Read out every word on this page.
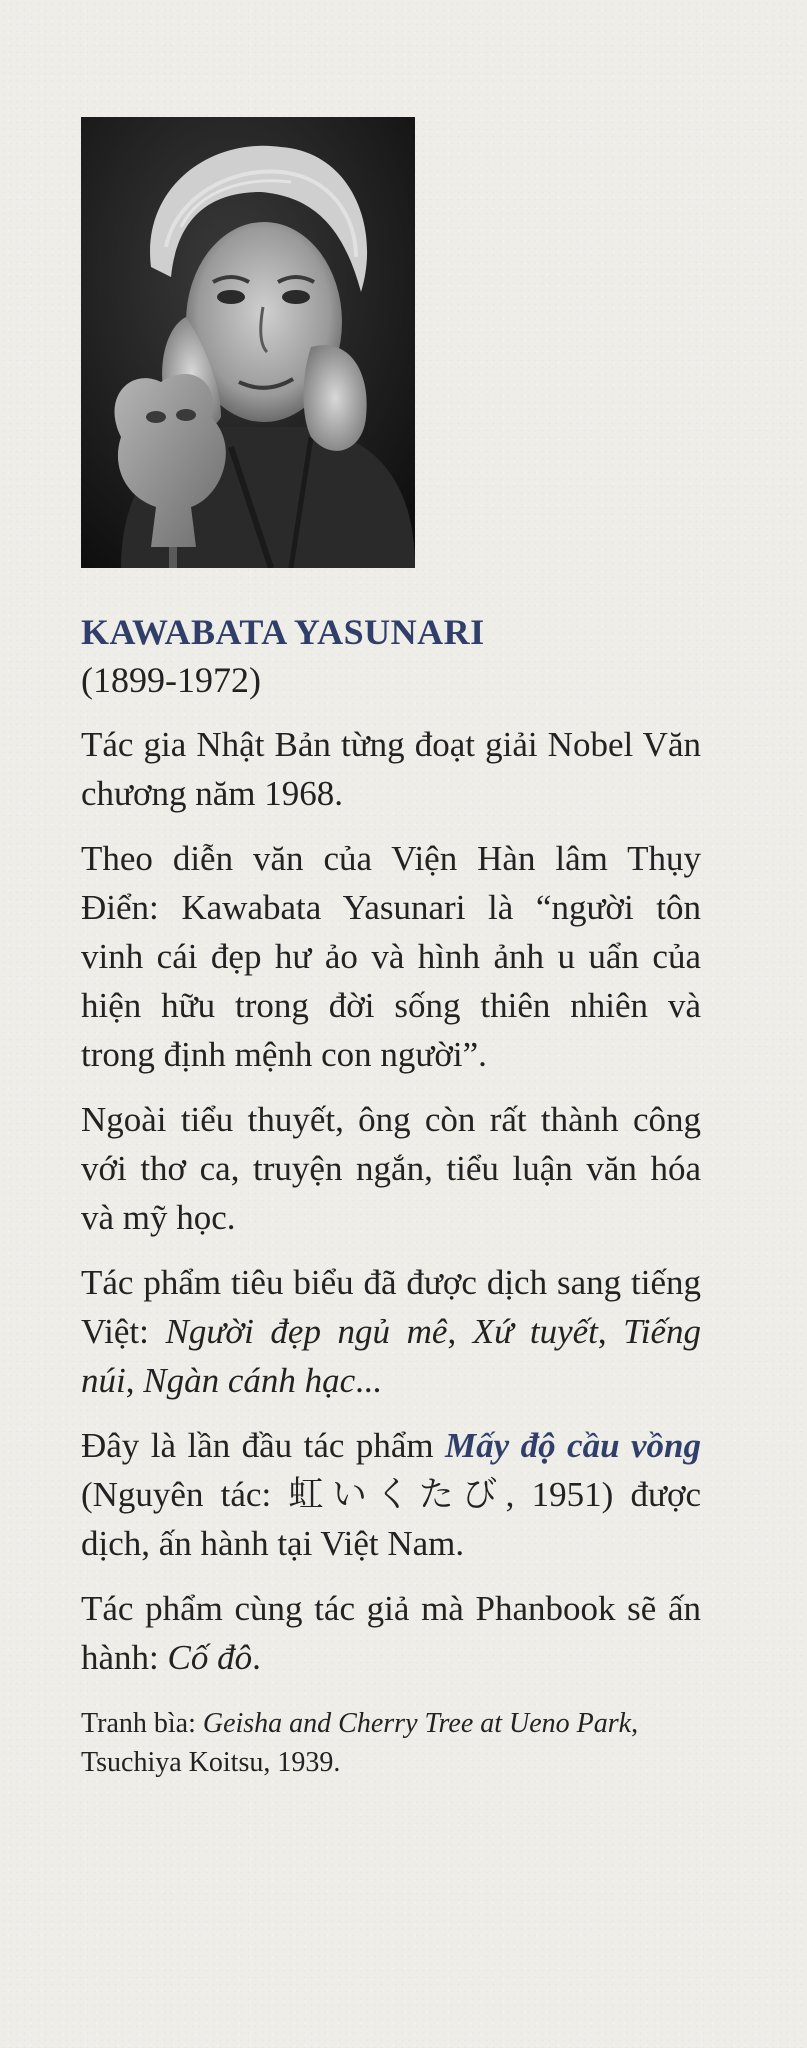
KAWABATA YASUNARI
(1899-1972)

Tác gia Nhật Bản từng đoạt giải Nobel Văn chương năm 1968.

Theo diễn văn của Viện Hàn lâm Thụy Điển: Kawabata Yasunari là “người tôn vinh cái đẹp hư ảo và hình ảnh u uẩn của hiện hữu trong đời sống thiên nhiên và trong định mệnh con người”.

Ngoài tiểu thuyết, ông còn rất thành công với thơ ca, truyện ngắn, tiểu luận văn hóa và mỹ học.

Tác phẩm tiêu biểu đã được dịch sang tiếng Việt: Người đẹp ngủ mê, Xứ tuyết, Tiếng núi, Ngàn cánh hạc...

Đây là lần đầu tác phẩm Mấy độ cầu vồng (Nguyên tác: 虹いくたび, 1951) được dịch, ấn hành tại Việt Nam.

Tác phẩm cùng tác giả mà Phanbook sẽ ấn hành: Cố đô.

Tranh bìa: Geisha and Cherry Tree at Ueno Park, Tsuchiya Koitsu, 1939.
